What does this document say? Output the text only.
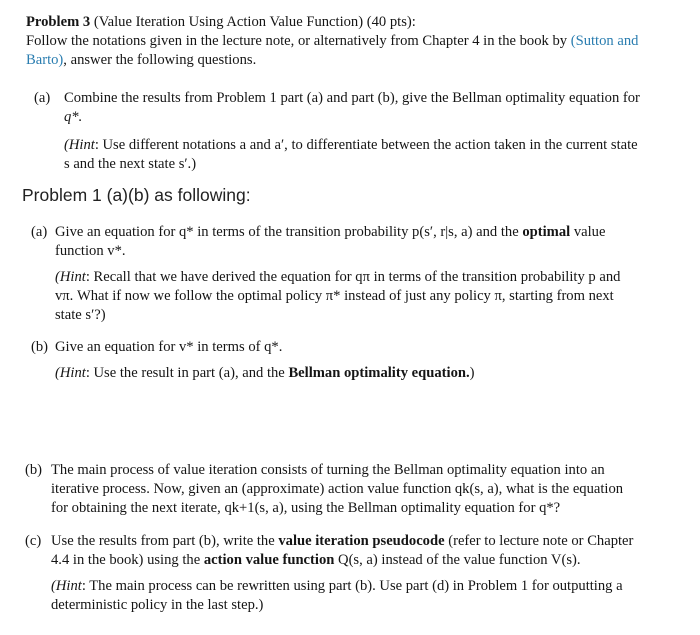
Problem 3 (Value Iteration Using Action Value Function) (40 pts):
Follow the notations given in the lecture note, or alternatively from Chapter 4 in the book by (Sutton and
Barto), answer the following questions.
(a) Combine the results from Problem 1 part (a) and part (b), give the Bellman optimality equation for
q*.
(Hint: Use different notations a and a′, to differentiate between the action taken in the current state
s and the next state s′.)
Problem 1 (a)(b) as following:
(a) Give an equation for q* in terms of the transition probability p(s′, r|s, a) and the optimal value
function v*.
(Hint: Recall that we have derived the equation for qπ in terms of the transition probability p and
vπ. What if now we follow the optimal policy π* instead of just any policy π, starting from next
state s′?)
(b) Give an equation for v* in terms of q*.
(Hint: Use the result in part (a), and the Bellman optimality equation.)
(b) The main process of value iteration consists of turning the Bellman optimality equation into an
iterative process. Now, given an (approximate) action value function qk(s, a), what is the equation
for obtaining the next iterate, qk+1(s, a), using the Bellman optimality equation for q*?
(c) Use the results from part (b), write the value iteration pseudocode (refer to lecture note or Chapter
4.4 in the book) using the action value function Q(s, a) instead of the value function V(s).
(Hint: The main process can be rewritten using part (b). Use part (d) in Problem 1 for outputting a
deterministic policy in the last step.)
